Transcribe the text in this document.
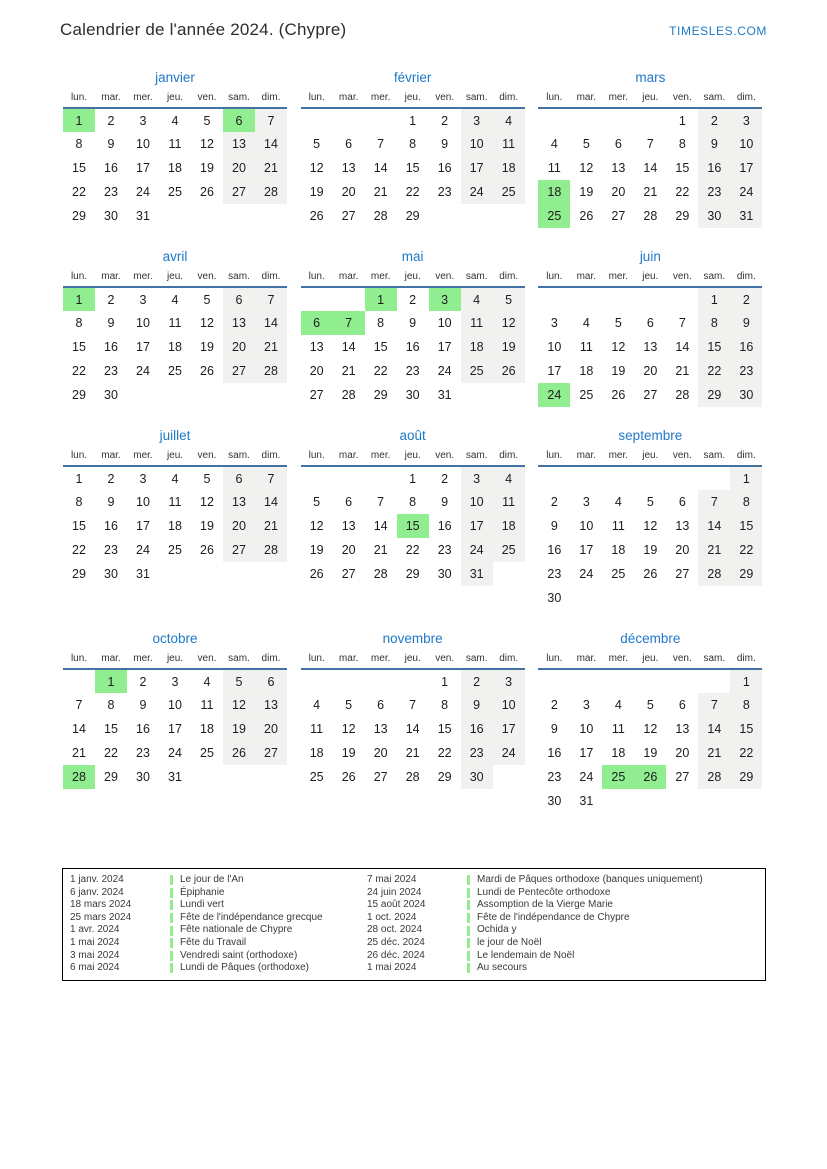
Calendrier de l'année 2024. (Chypre)	TIMESLES.COM
janvier
lun.	mar.	mer.	jeu.	ven.	sam.	dim.
1	2	3	4	5	6	7
8	9	10	11	12	13	14
15	16	17	18	19	20	21
22	23	24	25	26	27	28
29	30	31				
février
lun.	mar.	mer.	jeu.	ven.	sam.	dim.
			1	2	3	4
5	6	7	8	9	10	11
12	13	14	15	16	17	18
19	20	21	22	23	24	25
26	27	28	29			
mars
lun.	mar.	mer.	jeu.	ven.	sam.	dim.
				1	2	3
4	5	6	7	8	9	10
11	12	13	14	15	16	17
18	19	20	21	22	23	24
25	26	27	28	29	30	31
avril
lun.	mar.	mer.	jeu.	ven.	sam.	dim.
1	2	3	4	5	6	7
8	9	10	11	12	13	14
15	16	17	18	19	20	21
22	23	24	25	26	27	28
29	30					
mai
lun.	mar.	mer.	jeu.	ven.	sam.	dim.
		1	2	3	4	5
6	7	8	9	10	11	12
13	14	15	16	17	18	19
20	21	22	23	24	25	26
27	28	29	30	31		
juin
lun.	mar.	mer.	jeu.	ven.	sam.	dim.
					1	2
3	4	5	6	7	8	9
10	11	12	13	14	15	16
17	18	19	20	21	22	23
24	25	26	27	28	29	30
juillet
lun.	mar.	mer.	jeu.	ven.	sam.	dim.
1	2	3	4	5	6	7
8	9	10	11	12	13	14
15	16	17	18	19	20	21
22	23	24	25	26	27	28
29	30	31				
août
lun.	mar.	mer.	jeu.	ven.	sam.	dim.
			1	2	3	4
5	6	7	8	9	10	11
12	13	14	15	16	17	18
19	20	21	22	23	24	25
26	27	28	29	30	31	
septembre
lun.	mar.	mer.	jeu.	ven.	sam.	dim.
						1
2	3	4	5	6	7	8
9	10	11	12	13	14	15
16	17	18	19	20	21	22
23	24	25	26	27	28	29
30						
octobre
lun.	mar.	mer.	jeu.	ven.	sam.	dim.
	1	2	3	4	5	6
7	8	9	10	11	12	13
14	15	16	17	18	19	20
21	22	23	24	25	26	27
28	29	30	31			
novembre
lun.	mar.	mer.	jeu.	ven.	sam.	dim.
				1	2	3
4	5	6	7	8	9	10
11	12	13	14	15	16	17
18	19	20	21	22	23	24
25	26	27	28	29	30	
décembre
lun.	mar.	mer.	jeu.	ven.	sam.	dim.
						1
2	3	4	5	6	7	8
9	10	11	12	13	14	15
16	17	18	19	20	21	22
23	24	25	26	27	28	29
30	31					
1 janv. 2024	Le jour de l'An
6 janv. 2024	Épiphanie
18 mars 2024	Lundi vert
25 mars 2024	Fête de l'indépendance grecque
1 avr. 2024	Fête nationale de Chypre
1 mai 2024	Fête du Travail
3 mai 2024	Vendredi saint (orthodoxe)
6 mai 2024	Lundi de Pâques (orthodoxe)
7 mai 2024	Mardi de Pâques orthodoxe (banques uniquement)
24 juin 2024	Lundi de Pentecôte orthodoxe
15 août 2024	Assomption de la Vierge Marie
1 oct. 2024	Fête de l'indépendance de Chypre
28 oct. 2024	Ochida y
25 déc. 2024	le jour de Noël
26 déc. 2024	Le lendemain de Noël
1 mai 2024	Au secours
